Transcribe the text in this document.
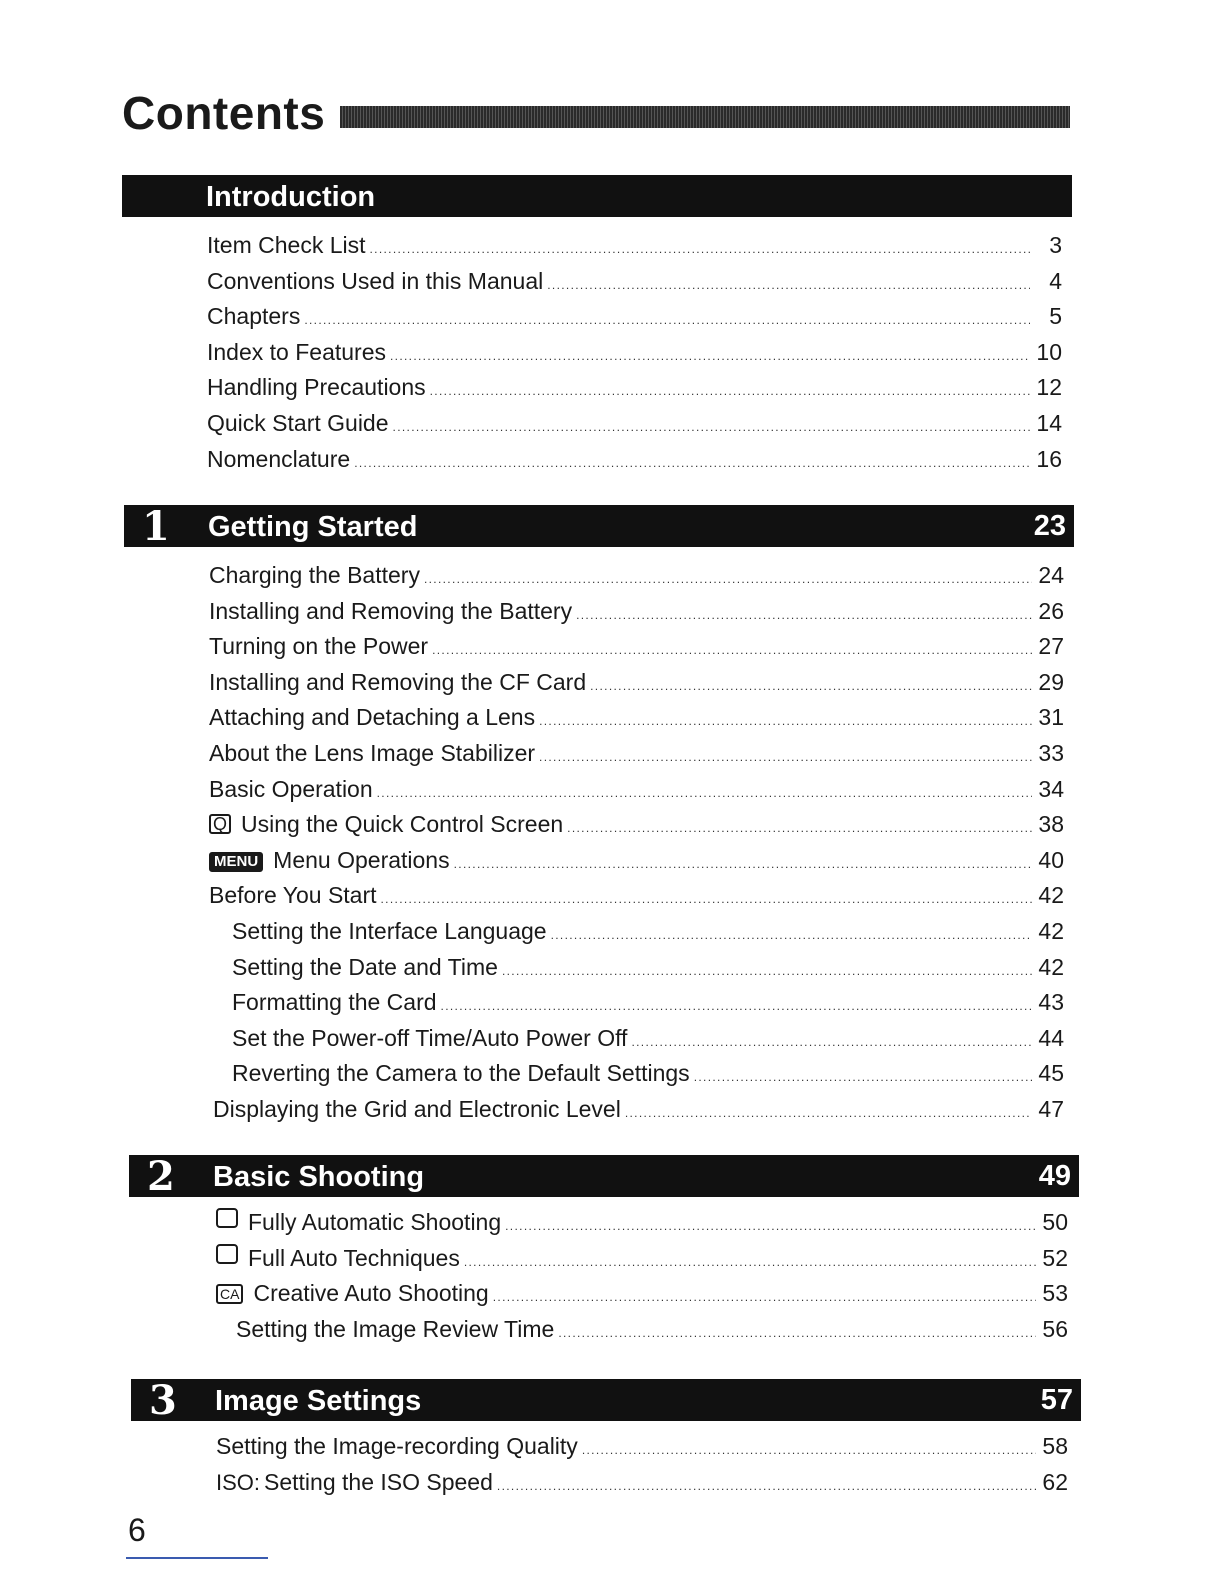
Contents
Introduction
Item Check List . . .	3
Conventions Used in this Manual . . .	4
Chapters . . .	5
Index to Features . . .	10
Handling Precautions . . .	12
Quick Start Guide . . .	14
Nomenclature . . .	16
1 Getting Started	23
Charging the Battery . . .	24
Installing and Removing the Battery . . .	26
Turning on the Power . . .	27
Installing and Removing the CF Card . . .	29
Attaching and Detaching a Lens . . .	31
About the Lens Image Stabilizer . . .	33
Basic Operation . . .	34
Q Using the Quick Control Screen . . .	38
MENU Menu Operations . . .	40
Before You Start . . .	42
Setting the Interface Language . . .	42
Setting the Date and Time . . .	42
Formatting the Card . . .	43
Set the Power-off Time/Auto Power Off . . .	44
Reverting the Camera to the Default Settings . . .	45
Displaying the Grid and Electronic Level . . .	47
2 Basic Shooting	49
Fully Automatic Shooting . . .	50
Full Auto Techniques . . .	52
CA Creative Auto Shooting . . .	53
Setting the Image Review Time . . .	56
3 Image Settings	57
Setting the Image-recording Quality . . .	58
ISO: Setting the ISO Speed . . .	62
6
